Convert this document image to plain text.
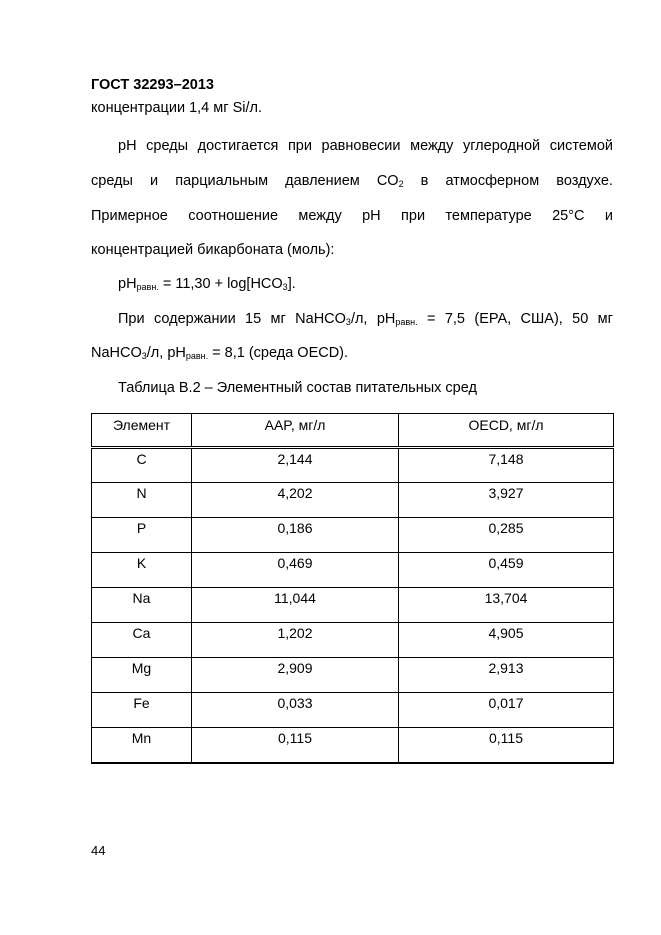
ГОСТ 32293–2013
концентрации 1,4 мг Si/л.
pH среды достигается при равновесии между углеродной системой
среды и парциальным давлением $CO_2$ в атмосферном воздухе.
Примерное соотношение между pH при температуре 25°C и
концентрацией бикарбоната (моль):
pHравн. = $11,30 + \log[HCO_3]$.
При содержании 15 мг NaHCO$_3$/л, pHравн. = 7,5 (EPA, США), 50 мг
NaHCO$_3$/л, pHравн. = 8,1 (среда OECD).
Таблица В.2 – Элементный состав питательных сред
Элемент	AAP, мг/л	OECD, мг/л
C	2,144	7,148
N	4,202	3,927
P	0,186	0,285
K	0,469	0,459
Na	11,044	13,704
Ca	1,202	4,905
Mg	2,909	2,913
Fe	0,033	0,017
Mn	0,115	0,115
44
